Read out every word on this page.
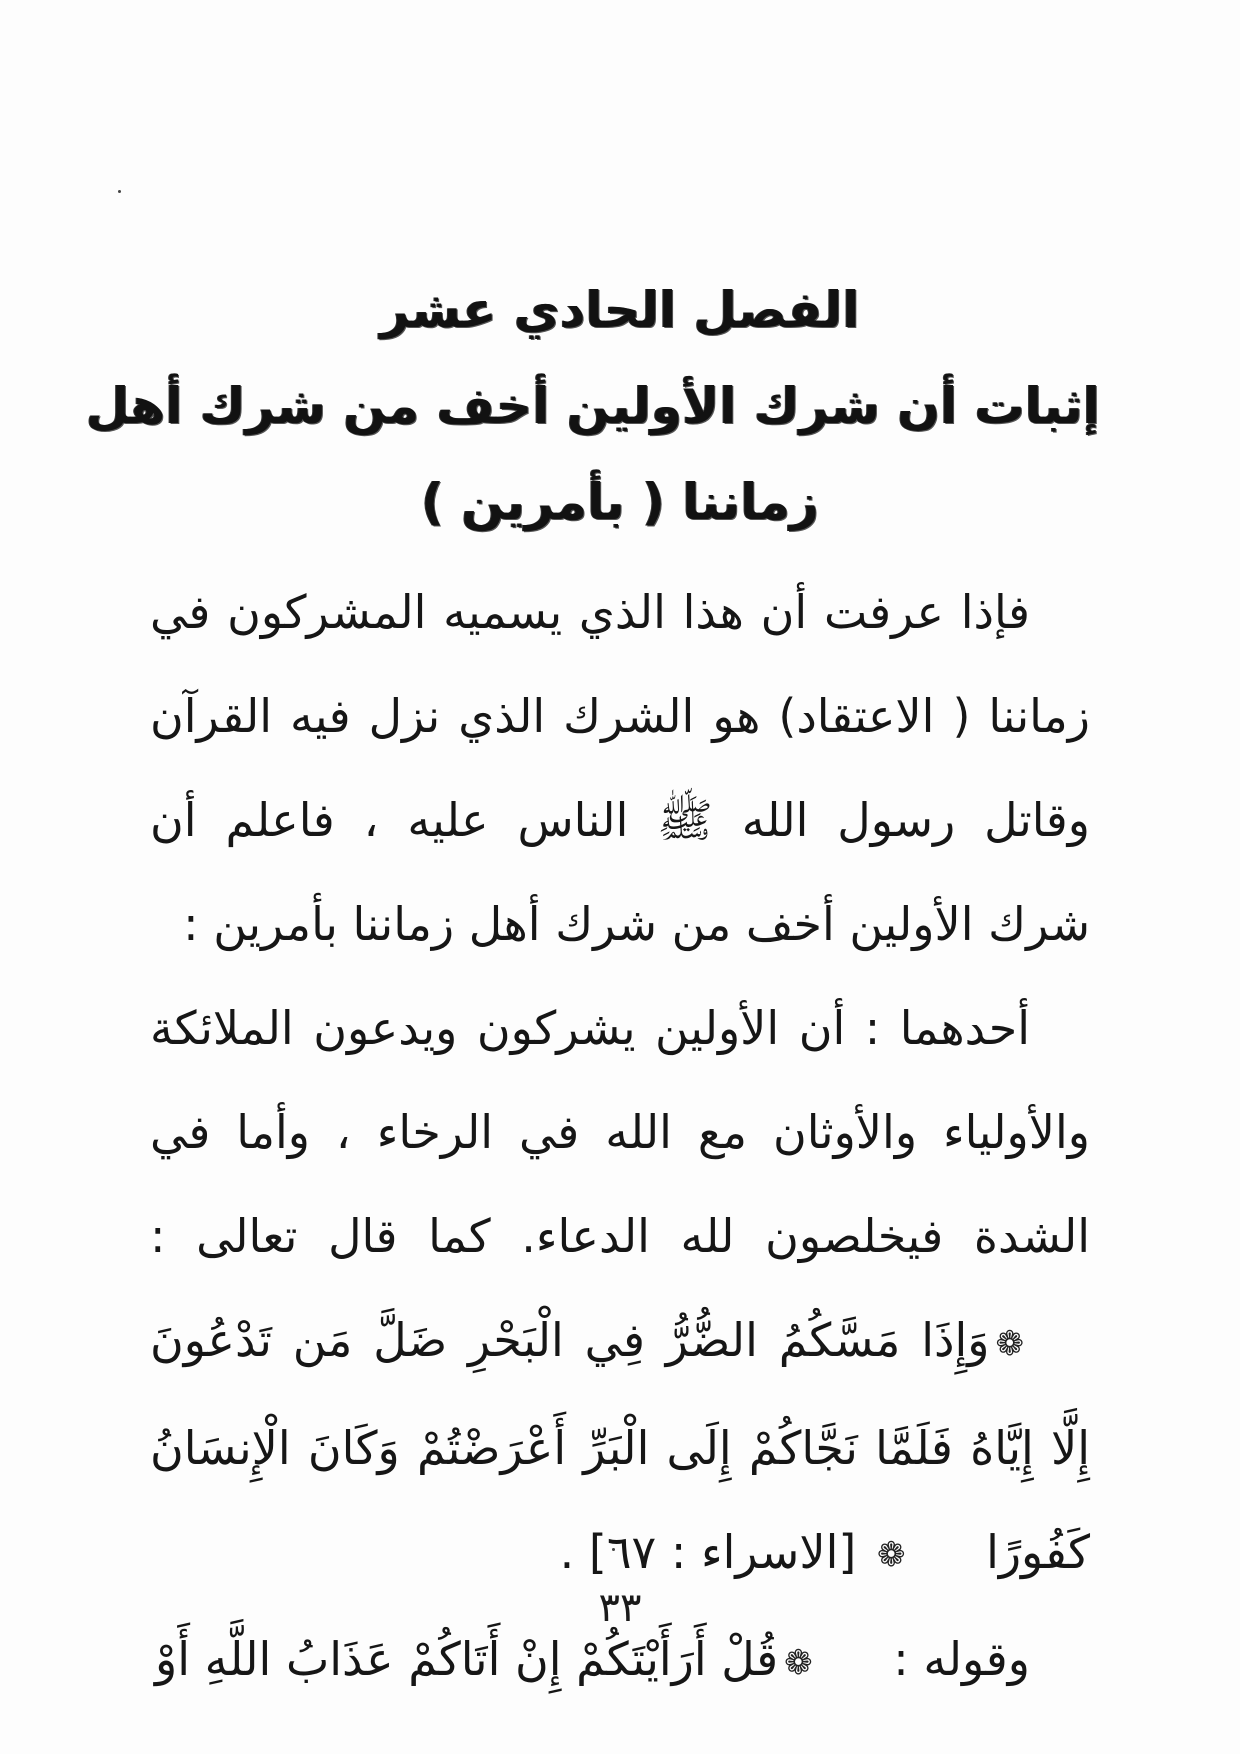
الفصل الحادي عشر
إثبات أن شرك الأولين أخف من شرك أهل
زماننا ( بأمرين )

فإذا عرفت أن هذا الذي يسميه المشركون في زماننا ( الاعتقاد) هو الشرك الذي نزل فيه القرآن وقاتل رسول الله ﷺ الناس عليه ، فاعلم أن شرك الأولين أخف من شرك أهل زماننا بأمرين :

أحدهما : أن الأولين يشركون ويدعون الملائكة والأولياء والأوثان مع الله في الرخاء ، وأما في الشدة فيخلصون لله الدعاء. كما قال تعالى : ❁وَإِذَا مَسَّكُمُ الضُّرُّ فِي الْبَحْرِ ضَلَّ مَن تَدْعُونَ إِلَّا إِيَّاهُ فَلَمَّا نَجَّاكُمْ إِلَى الْبَرِّ أَعْرَضْتُمْ وَكَانَ الْإِنسَانُ كَفُورًا ❁ [الاسراء : ٦٧] .

وقوله : ❁قُلْ أَرَأَيْتَكُمْ إِنْ أَتَاكُمْ عَذَابُ اللَّهِ أَوْ

٣٣
